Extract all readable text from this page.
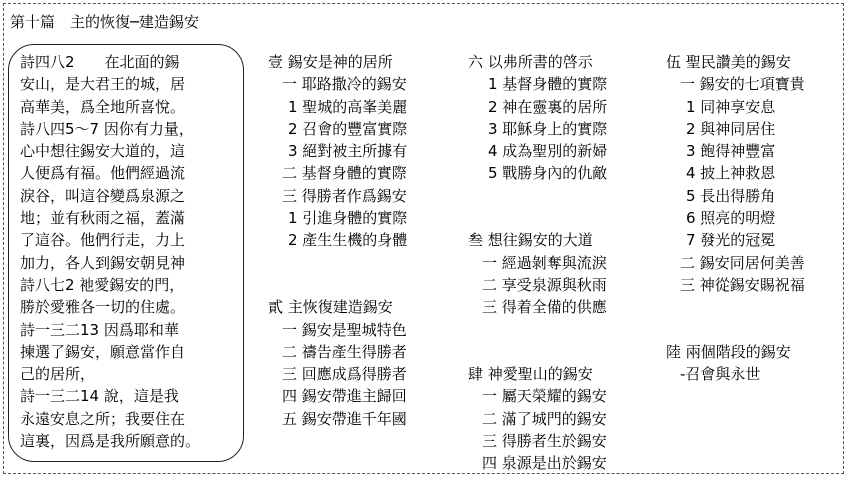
第十篇　主的恢復─建造錫安
詩四八2　　在北面的錫
安山，是大君王的城，居
高華美，爲全地所喜悅。
詩八四5～7 因你有力量，
心中想往錫安大道的，這
人便爲有福。他們經過流
淚谷，叫這谷變爲泉源之
地；並有秋雨之福，蓋滿
了這谷。他們行走，力上
加力，各人到錫安朝見神
詩八七2 祂愛錫安的門，
勝於愛雅各一切的住處。
詩一三二13 因爲耶和華
揀選了錫安，願意當作自
己的居所，
詩一三二14 說，這是我
永遠安息之所；我要住在
這裏，因爲是我所願意的。
壹 錫安是神的居所
一 耶路撒冷的錫安
1 聖城的高峯美麗
2 召會的豐富實際
3 絕對被主所據有
二 基督身體的實際
三 得勝者作爲錫安
1 引進身體的實際
2 產生生機的身體
貳 主恢復建造錫安
一 錫安是聖城特色
二 禱告產生得勝者
三 回應成爲得勝者
四 錫安帶進主歸回
五 錫安帶進千年國
六 以弗所書的啓示
1 基督身體的實際
2 神在靈裏的居所
3 耶穌身上的實際
4 成為聖別的新婦
5 戰勝身內的仇敵
叁 想往錫安的大道
一 經過剝奪與流淚
二 享受泉源與秋雨
三 得着全備的供應
肆 神愛聖山的錫安
一 屬天榮耀的錫安
二 滿了城門的錫安
三 得勝者生於錫安
四 泉源是出於錫安
伍 聖民讚美的錫安
一 錫安的七項寶貴
1 同神享安息
2 與神同居住
3 飽得神豐富
4 披上神救恩
5 長出得勝角
6 照亮的明燈
7 發光的冠冕
二 錫安同居何美善
三 神從錫安賜祝福
陸 兩個階段的錫安
-召會與永世
